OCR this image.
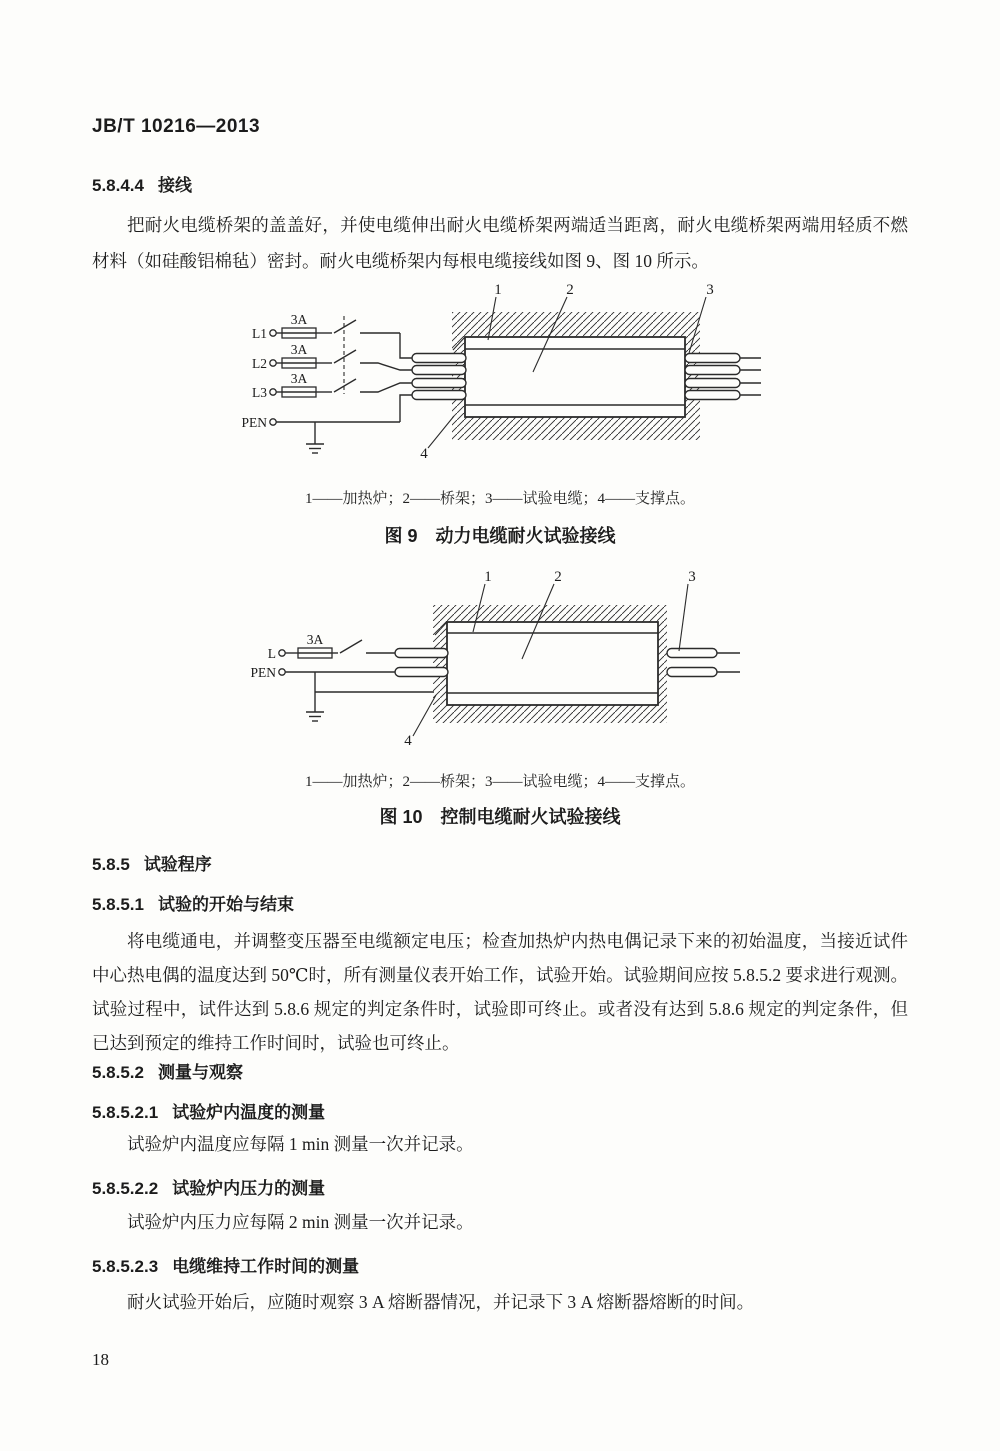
JB/T 10216—2013
5.8.4.4 接线
把耐火电缆桥架的盖盖好，并使电缆伸出耐火电缆桥架两端适当距离，耐火电缆桥架两端用轻质不燃材料（如硅酸铝棉毡）密封。耐火电缆桥架内每根电缆接线如图 9、图 10 所示。
L1
3A
L2
3A
L3
3A
PEN
1	2	3
4
1——加热炉；2——桥架；3——试验电缆；4——支撑点。
图 9　动力电缆耐火试验接线
L
3A
PEN
1	2	3
4
1——加热炉；2——桥架；3——试验电缆；4——支撑点。
图 10　控制电缆耐火试验接线
5.8.5 试验程序
5.8.5.1 试验的开始与结束
将电缆通电，并调整变压器至电缆额定电压；检查加热炉内热电偶记录下来的初始温度，当接近试件中心热电偶的温度达到 50℃时，所有测量仪表开始工作，试验开始。试验期间应按 5.8.5.2 要求进行观测。试验过程中，试件达到 5.8.6 规定的判定条件时，试验即可终止。或者没有达到 5.8.6 规定的判定条件，但已达到预定的维持工作时间时，试验也可终止。
5.8.5.2 测量与观察
5.8.5.2.1 试验炉内温度的测量
试验炉内温度应每隔 1 min 测量一次并记录。
5.8.5.2.2 试验炉内压力的测量
试验炉内压力应每隔 2 min 测量一次并记录。
5.8.5.2.3 电缆维持工作时间的测量
耐火试验开始后，应随时观察 3 A 熔断器情况，并记录下 3 A 熔断器熔断的时间。
18
